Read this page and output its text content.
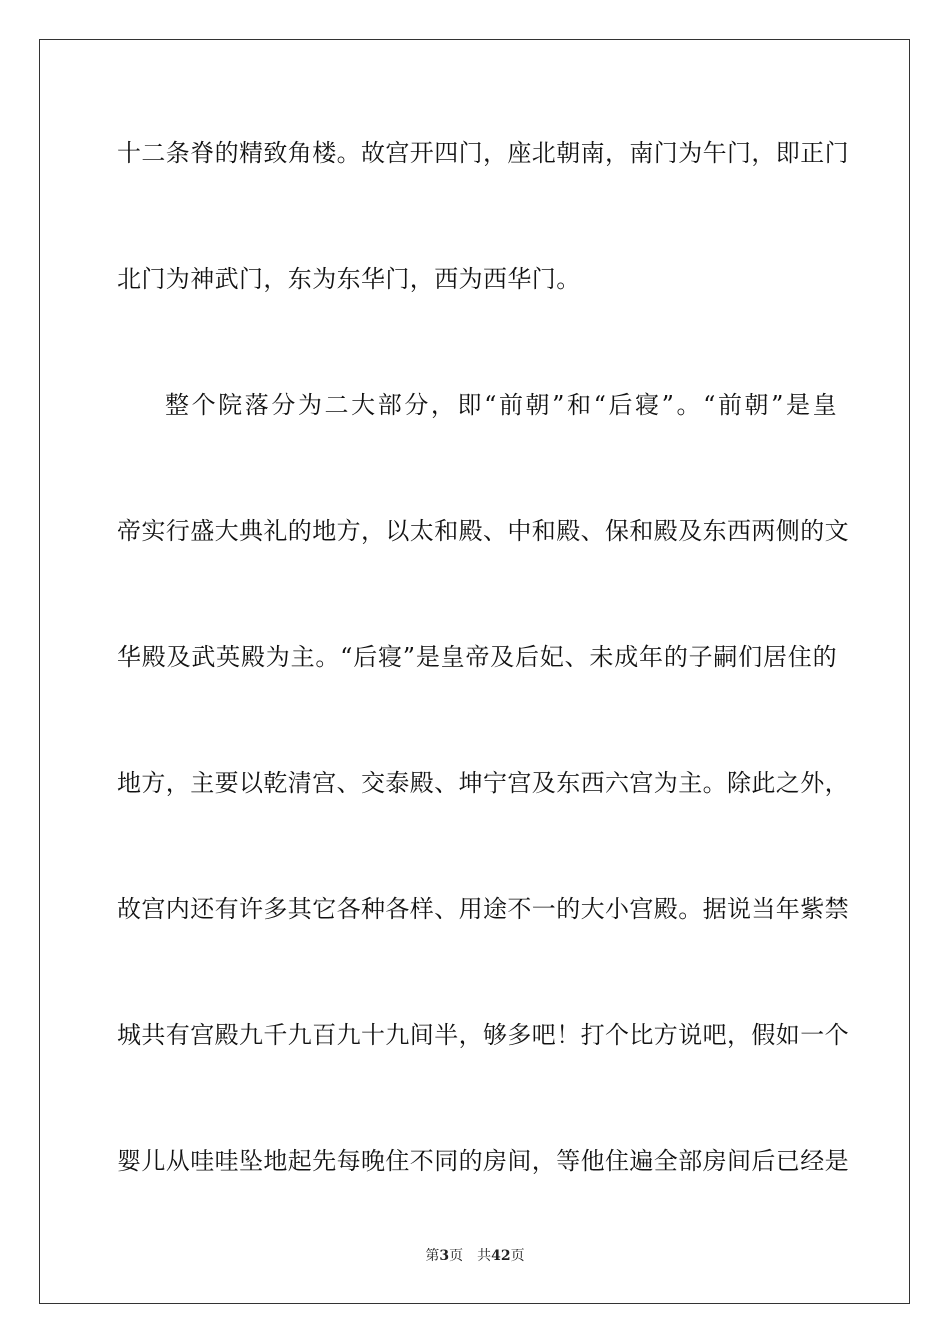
十二条脊的精致角楼。故宫开四门，座北朝南，南门为午门，即正门
北门为神武门，东为东华门，西为西华门。
整个院落分为二大部分，即“前朝”和“后寝”。“前朝”是皇
帝实行盛大典礼的地方，以太和殿、中和殿、保和殿及东西两侧的文
华殿及武英殿为主。“后寝”是皇帝及后妃、未成年的子嗣们居住的
地方，主要以乾清宫、交泰殿、坤宁宫及东西六宫为主。除此之外，
故宫内还有许多其它各种各样、用途不一的大小宫殿。据说当年紫禁
城共有宫殿九千九百九十九间半，够多吧！打个比方说吧，假如一个
婴儿从哇哇坠地起先每晚住不同的房间，等他住遍全部房间后已经是
第3页 共42页
